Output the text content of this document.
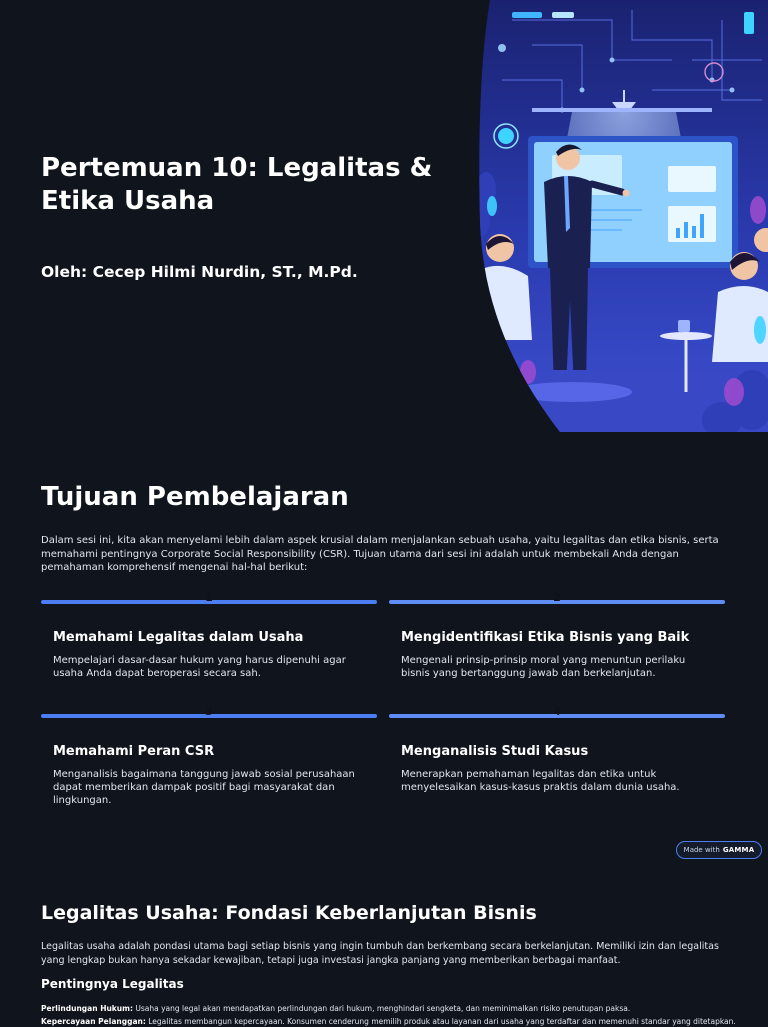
Pertemuan 10: Legalitas & Etika Usaha
Oleh: Cecep Hilmi Nurdin, ST., M.Pd.
Tujuan Pembelajaran

Dalam sesi ini, kita akan menyelami lebih dalam aspek krusial dalam menjalankan sebuah usaha, yaitu legalitas dan etika bisnis, serta memahami pentingnya Corporate Social Responsibility (CSR). Tujuan utama dari sesi ini adalah untuk membekali Anda dengan pemahaman komprehensif mengenai hal-hal berikut:

1
Memahami Legalitas dalam Usaha

Mempelajari dasar-dasar hukum yang harus dipenuhi agar usaha Anda dapat beroperasi secara sah.

2
Mengidentifikasi Etika Bisnis yang Baik

Mengenali prinsip-prinsip moral yang menuntun perilaku bisnis yang bertanggung jawab dan berkelanjutan.

3
Memahami Peran CSR

Menganalisis bagaimana tanggung jawab sosial perusahaan dapat memberikan dampak positif bagi masyarakat dan lingkungan.

4
Menganalisis Studi Kasus

Menerapkan pemahaman legalitas dan etika untuk menyelesaikan kasus-kasus praktis dalam dunia usaha.

Made with GAMMA
Legalitas Usaha: Fondasi Keberlanjutan Bisnis

Legalitas usaha adalah pondasi utama bagi setiap bisnis yang ingin tumbuh dan berkembang secara berkelanjutan. Memiliki izin dan legalitas yang lengkap bukan hanya sekadar kewajiban, tetapi juga investasi jangka panjang yang memberikan berbagai manfaat.

Pentingnya Legalitas

Perlindungan Hukum: Usaha yang legal akan mendapatkan perlindungan dari hukum, menghindari sengketa, dan meminimalkan risiko penutupan paksa.

Kepercayaan Pelanggan: Legalitas membangun kepercayaan. Konsumen cenderung memilih produk atau layanan dari usaha yang terdaftar dan memenuhi standar yang ditetapkan.
